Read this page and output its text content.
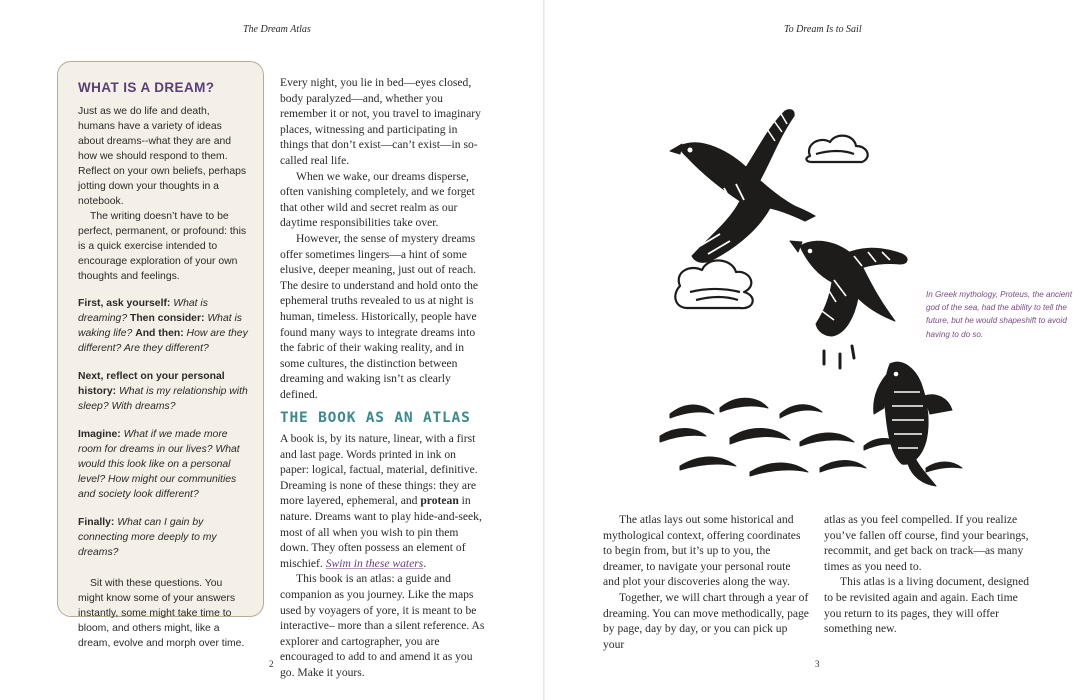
The Dream Atlas
WHAT IS A DREAM?

Just as we do life and death, humans have a variety of ideas about dreams--what they are and how we should respond to them. Reflect on your own beliefs, perhaps jotting down your thoughts in a notebook.

The writing doesn’t have to be perfect, permanent, or profound: this is a quick exercise intended to encourage exploration of your own thoughts and feelings.

First, ask yourself: What is dreaming? Then consider: What is waking life? And then: How are they different? Are they different?

Next, reflect on your personal history: What is my relationship with sleep? With dreams?

Imagine: What if we made more room for dreams in our lives? What would this look like on a personal level? How might our communities and society look different?

Finally: What can I gain by connecting more deeply to my dreams?

Sit with these questions. You might know some of your answers instantly, some might take time to bloom, and others might, like a dream, evolve and morph over time.

Every night, you lie in bed—eyes closed, body paralyzed—and, whether you remember it or not, you travel to imaginary places, witnessing and participating in things that don’t exist—can’t exist—in so-called real life.

When we wake, our dreams disperse, often vanishing completely, and we forget that other wild and secret realm as our daytime responsibilities take over.

However, the sense of mystery dreams offer sometimes lingers—a hint of some elusive, deeper meaning, just out of reach. The desire to understand and hold onto the ephemeral truths revealed to us at night is human, timeless. Historically, people have found many ways to integrate dreams into the fabric of their waking reality, and in some cultures, the distinction between dreaming and waking isn’t as clearly defined.

THE BOOK AS AN ATLAS

A book is, by its nature, linear, with a first and last page. Words printed in ink on paper: logical, factual, material, definitive. Dreaming is none of these things: they are more layered, ephemeral, and protean in nature. Dreams want to play hide-and-seek, most of all when you wish to pin them down. They often possess an element of mischief. Swim in these waters.

This book is an atlas: a guide and companion as you journey. Like the maps used by voyagers of yore, it is meant to be interactive– more than a silent reference. As explorer and cartographer, you are encouraged to add to and amend it as you go. Make it yours.

2
To Dream Is to Sail
3
In Greek mythology, Proteus, the ancient god of the sea, had the ability to tell the future, but he would shapeshift to avoid having to do so.

The atlas lays out some historical and mythological context, offering coordinates to begin from, but it’s up to you, the dreamer, to navigate your personal route and plot your discoveries along the way.

Together, we will chart through a year of dreaming. You can move methodically, page by page, day by day, or you can pick up your

atlas as you feel compelled. If you realize you’ve fallen off course, find your bearings, recommit, and get back on track—as many times as you need to.

This atlas is a living document, designed to be revisited again and again. Each time you return to its pages, they will offer something new.
